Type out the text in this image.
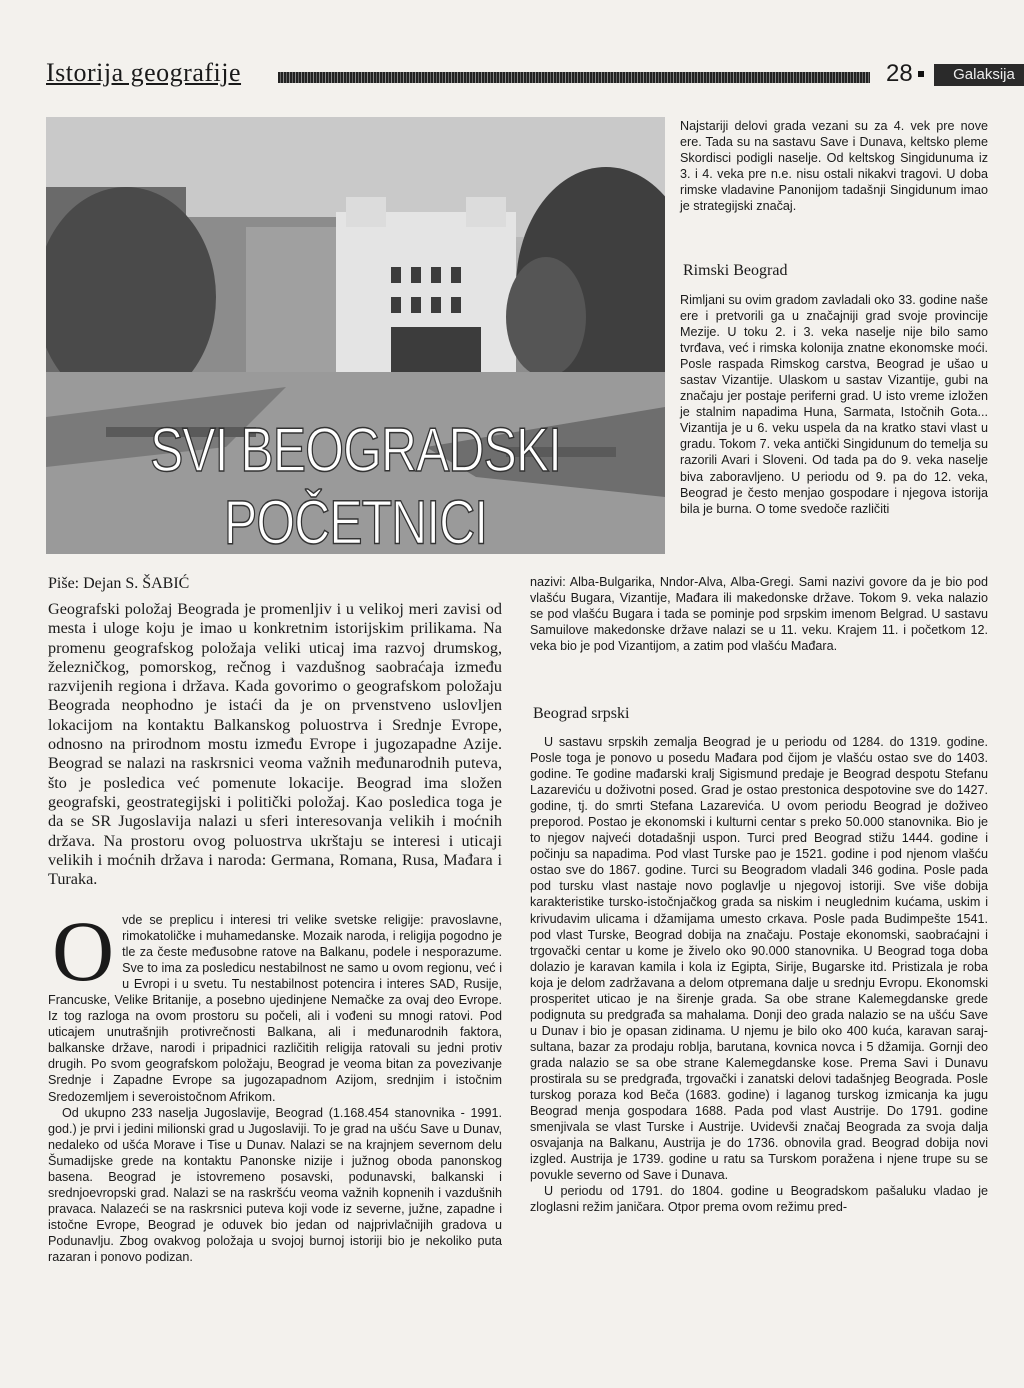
Istorija geografije	28	Galaksija
SVI BEOGRADSKI POČETNICI
Piše: Dejan S. ŠABIĆ
Geografski položaj Beograda je promenljiv i u velikoj meri zavisi od mesta i uloge koju je imao u konkretnim istorijskim prilikama. Na promenu geografskog položaja veliki uticaj ima razvoj drumskog, železničkog, pomorskog, rečnog i vazdušnog saobraćaja između razvijenih regiona i država. Kada govorimo o geografskom položaju Beograda neophodno je istaći da je on prvenstveno uslovljen lokacijom na kontaktu Balkanskog poluostrva i Srednje Evrope, odnosno na prirodnom mostu između Evrope i jugozapadne Azije. Beograd se nalazi na raskrsnici veoma važnih međunarodnih puteva, što je posledica već pomenute lokacije. Beograd ima složen geografski, geostrategijski i politički položaj. Kao posledica toga je da se SR Jugoslavija nalazi u sferi interesovanja velikih i moćnih država. Na prostoru ovog poluostrva ukrštaju se interesi i uticaji velikih i moćnih država i naroda: Germana, Romana, Rusa, Mađara i Turaka.
O vde se preplicu i interesi tri velike svetske religije: pravoslavne, rimokatoličke i muhamedanske. Mozaik naroda, i religija pogodno je tle za česte međusobne ratove na Balkanu, podele i nesporazume. Sve to ima za posledicu nestabilnost ne samo u ovom regionu, već i u Evropi i u svetu. Tu nestabilnost potencira i interes SAD, Rusije, Francuske, Velike Britanije, a posebno ujedinjene Nemačke za ovaj deo Evrope. Iz tog razloga na ovom prostoru su počeli, ali i vođeni su mnogi ratovi. Pod uticajem unutrašnjih protivrečnosti Balkana, ali i međunarodnih faktora, balkanske države, narodi i pripadnici različitih religija ratovali su jedni protiv drugih. Po svom geografskom položaju, Beograd je veoma bitan za povezivanje Srednje i Zapadne Evrope sa jugozapadnom Azijom, srednjim i istočnim Sredozemljem i severoistočnom Afrikom.

Od ukupno 233 naselja Jugoslavije, Beograd (1.168.454 stanovnika - 1991. god.) je prvi i jedini milionski grad u Jugoslaviji. To je grad na ušću Save u Dunav, nedaleko od ušća Morave i Tise u Dunav. Nalazi se na krajnjem severnom delu Šumadijske grede na kontaktu Panonske nizije i južnog oboda panonskog basena. Beograd je istovremeno posavski, podunavski, balkanski i srednjoevropski grad. Nalazi se na raskršću veoma važnih kopnenih i vazdušnih pravaca. Nalazeći se na raskrsnici puteva koji vode iz severne, južne, zapadne i istočne Evrope, Beograd je oduvek bio jedan od najprivlačnijih gradova u Podunavlju. Zbog ovakvog položaja u svojoj burnoj istoriji bio je nekoliko puta razaran i ponovo podizan.

Najstariji delovi grada vezani su za 4. vek pre nove ere. Tada su na sastavu Save i Dunava, keltsko pleme Skordisci podigli naselje. Od keltskog Singidunuma iz 3. i 4. veka pre n.e. nisu ostali nikakvi tragovi. U doba rimske vladavine Panonijom tadašnji Singidunum imao je strategijski značaj.

Rimski Beograd

Rimljani su ovim gradom zavladali oko 33. godine naše ere i pretvorili ga u značajniji grad svoje provincije Mezije. U toku 2. i 3. veka naselje nije bilo samo tvrđava, već i rimska kolonija znatne ekonomske moći. Posle raspada Rimskog carstva, Beograd je ušao u sastav Vizantije. Ulaskom u sastav Vizantije, gubi na značaju jer postaje periferni grad. U isto vreme izložen je stalnim napadima Huna, Sarmata, Istočnih Gota... Vizantija je u 6. veku uspela da na kratko stavi vlast u gradu. Tokom 7. veka antički Singidunum do temelja su razorili Avari i Sloveni. Od tada pa do 9. veka naselje biva zaboravljeno. U periodu od 9. pa do 12. veka, Beograd je često menjao gospodare i njegova istorija bila je burna. O tome svedoče različiti

nazivi: Alba-Bulgarika, Nndor-Alva, Alba-Gregi. Sami nazivi govore da je bio pod vlašću Bugara, Vizantije, Mađara ili makedonske države. Tokom 9. veka nalazio se pod vlašću Bugara i tada se pominje pod srpskim imenom Belgrad. U sastavu Samuilove makedonske države nalazi se u 11. veku. Krajem 11. i početkom 12. veka bio je pod Vizantijom, a zatim pod vlašću Mađara.

Beograd srpski

U sastavu srpskih zemalja Beograd je u periodu od 1284. do 1319. godine. Posle toga je ponovo u posedu Mađara pod čijom je vlašću ostao sve do 1403. godine. Te godine mađarski kralj Sigismund predaje je Beograd despotu Stefanu Lazareviću u doživotni posed. Grad je ostao prestonica despotovine sve do 1427. godine, tj. do smrti Stefana Lazarevića. U ovom periodu Beograd je doživeo preporod. Postao je ekonomski i kulturni centar s preko 50.000 stanovnika. Bio je to njegov najveći dotadašnji uspon. Turci pred Beograd stižu 1444. godine i počinju sa napadima. Pod vlast Turske pao je 1521. godine i pod njenom vlašću ostao sve do 1867. godine. Turci su Beogradom vladali 346 godina. Posle pada pod tursku vlast nastaje novo poglavlje u njegovoj istoriji. Sve više dobija karakteristike tursko-istočnjačkog grada sa niskim i neuglednim kućama, uskim i krivudavim ulicama i džamijama umesto crkava. Posle pada Budimpešte 1541. pod vlast Turske, Beograd dobija na značaju. Postaje ekonomski, saobraćajni i trgovački centar u kome je živelo oko 90.000 stanovnika. U Beograd toga doba dolazio je karavan kamila i kola iz Egipta, Sirije, Bugarske itd. Pristizala je roba koja je delom zadržavana a delom otpremana dalje u srednju Evropu. Ekonomski prosperitet uticao je na širenje grada. Sa obe strane Kalemegdanske grede podignuta su predgrađa sa mahalama. Donji deo grada nalazio se na ušću Save u Dunav i bio je opasan zidinama. U njemu je bilo oko 400 kuća, karavan saraj-sultana, bazar za prodaju roblja, barutana, kovnica novca i 5 džamija. Gornji deo grada nalazio se sa obe strane Kalemegdanske kose. Prema Savi i Dunavu prostirala su se predgrađa, trgovački i zanatski delovi tadašnjeg Beograda. Posle turskog poraza kod Beča (1683. godine) i laganog turskog izmicanja ka jugu Beograd menja gospodara 1688. Pada pod vlast Austrije. Do 1791. godine smenjivala se vlast Turske i Austrije. Uvidevši značaj Beograda za svoja dalja osvajanja na Balkanu, Austrija je do 1736. obnovila grad. Beograd dobija novi izgled. Austrija je 1739. godine u ratu sa Turskom poražena i njene trupe su se povukle severno od Save i Dunava.

U periodu od 1791. do 1804. godine u Beogradskom pašaluku vladao je zloglasni režim janičara. Otpor prema ovom režimu pred-
